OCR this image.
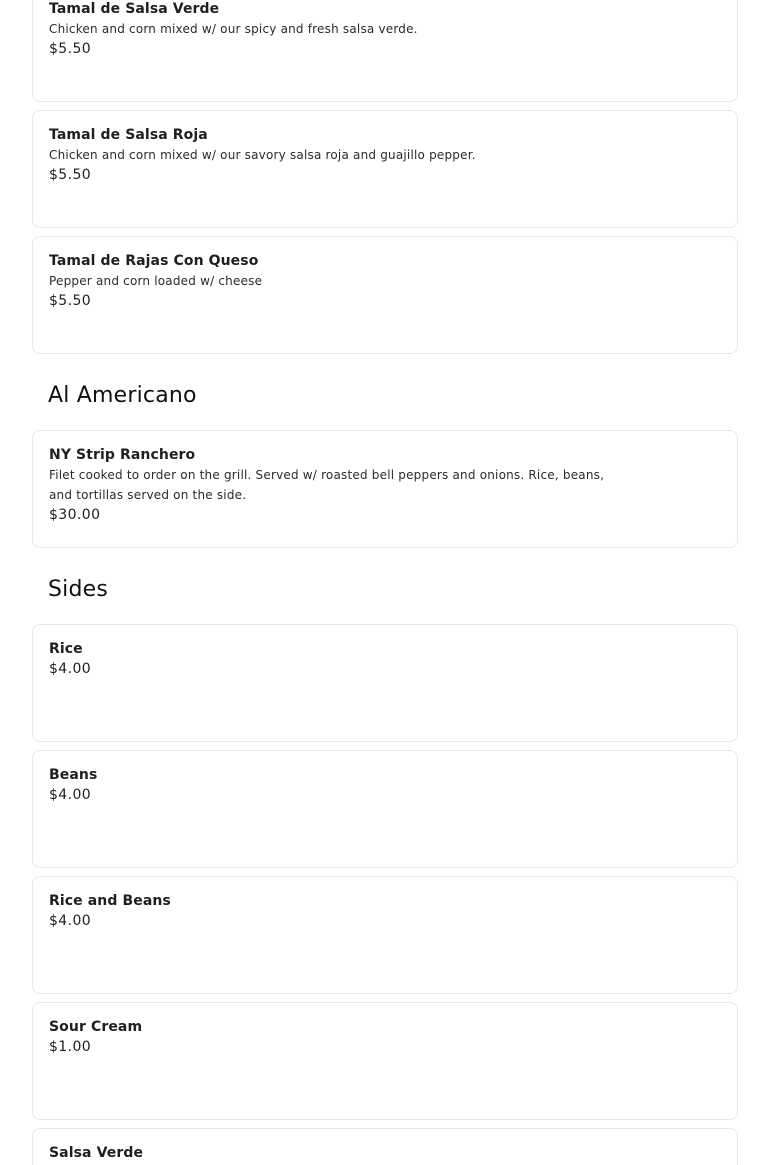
Tamal de Salsa Verde
Chicken and corn mixed w/ our spicy and fresh salsa verde.
$5.50
Tamal de Salsa Roja
Chicken and corn mixed w/ our savory salsa roja and guajillo pepper.
$5.50
Tamal de Rajas Con Queso
Pepper and corn loaded w/ cheese
$5.50
Al Americano
NY Strip Ranchero
Filet cooked to order on the grill. Served w/ roasted bell peppers and onions. Rice, beans, and tortillas served on the side.
$30.00
Sides
Rice
$4.00
Beans
$4.00
Rice and Beans
$4.00
Sour Cream
$1.00
Salsa Verde
